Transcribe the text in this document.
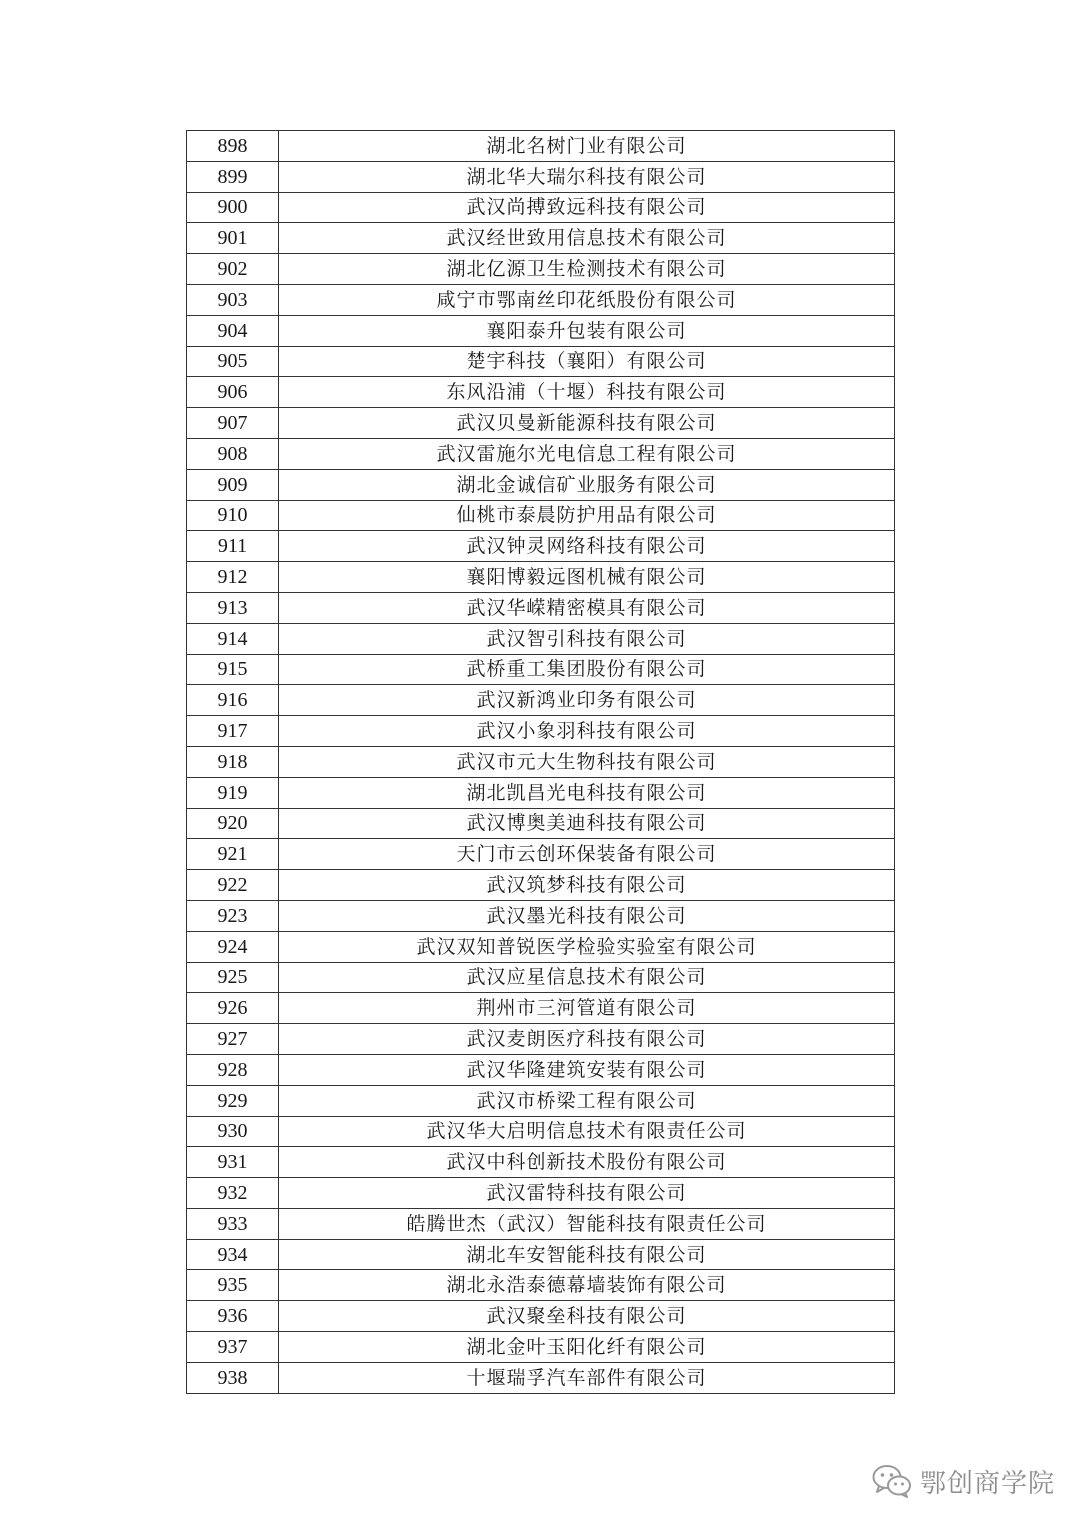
898	湖北名树门业有限公司
899	湖北华大瑞尔科技有限公司
900	武汉尚搏致远科技有限公司
901	武汉经世致用信息技术有限公司
902	湖北亿源卫生检测技术有限公司
903	咸宁市鄂南丝印花纸股份有限公司
904	襄阳泰升包装有限公司
905	楚宇科技（襄阳）有限公司
906	东风沿浦（十堰）科技有限公司
907	武汉贝曼新能源科技有限公司
908	武汉雷施尔光电信息工程有限公司
909	湖北金诚信矿业服务有限公司
910	仙桃市泰晨防护用品有限公司
911	武汉钟灵网络科技有限公司
912	襄阳博毅远图机械有限公司
913	武汉华嵘精密模具有限公司
914	武汉智引科技有限公司
915	武桥重工集团股份有限公司
916	武汉新鸿业印务有限公司
917	武汉小象羽科技有限公司
918	武汉市元大生物科技有限公司
919	湖北凯昌光电科技有限公司
920	武汉博奥美迪科技有限公司
921	天门市云创环保装备有限公司
922	武汉筑梦科技有限公司
923	武汉墨光科技有限公司
924	武汉双知普锐医学检验实验室有限公司
925	武汉应星信息技术有限公司
926	荆州市三河管道有限公司
927	武汉麦朗医疗科技有限公司
928	武汉华隆建筑安装有限公司
929	武汉市桥梁工程有限公司
930	武汉华大启明信息技术有限责任公司
931	武汉中科创新技术股份有限公司
932	武汉雷特科技有限公司
933	皓腾世杰（武汉）智能科技有限责任公司
934	湖北车安智能科技有限公司
935	湖北永浩泰德幕墙装饰有限公司
936	武汉聚垒科技有限公司
937	湖北金叶玉阳化纤有限公司
938	十堰瑞孚汽车部件有限公司
鄂创商学院
